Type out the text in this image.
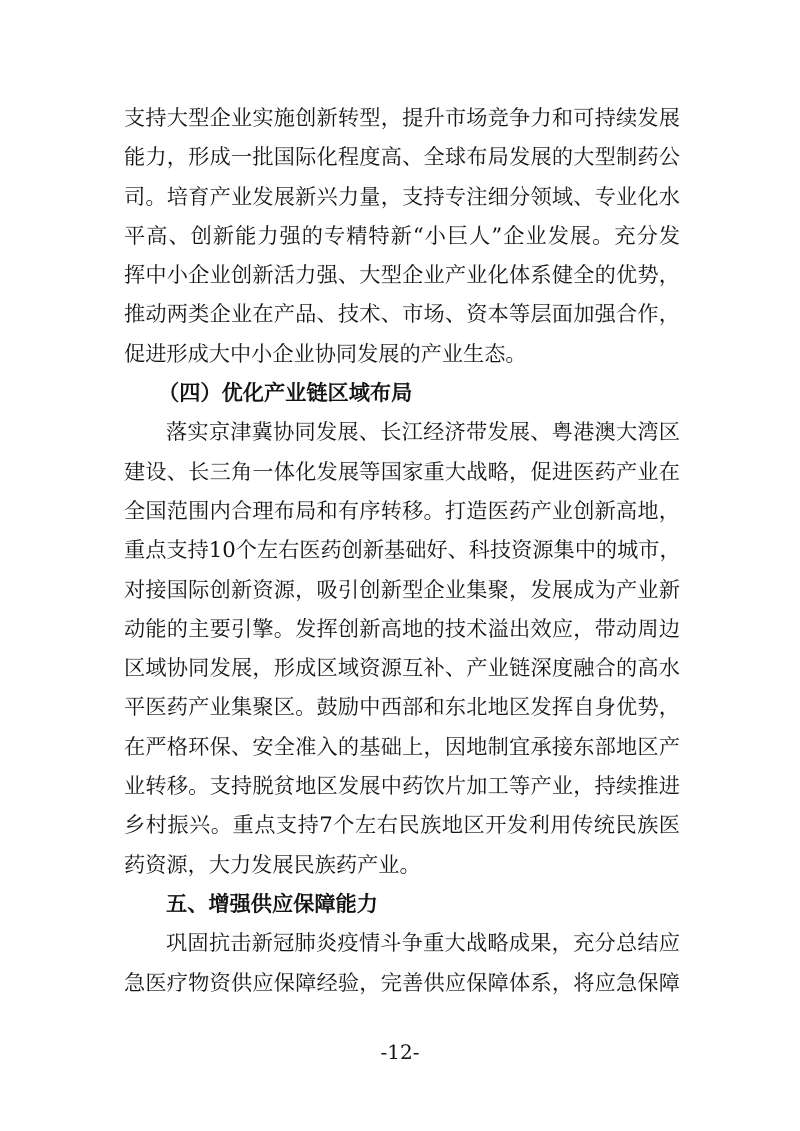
支持大型企业实施创新转型，提升市场竞争力和可持续发展
能力，形成一批国际化程度高、全球布局发展的大型制药公
司。培育产业发展新兴力量，支持专注细分领域、专业化水
平高、创新能力强的专精特新“小巨人”企业发展。充分发
挥中小企业创新活力强、大型企业产业化体系健全的优势，
推动两类企业在产品、技术、市场、资本等层面加强合作，
促进形成大中小企业协同发展的产业生态。
（四）优化产业链区域布局
落实京津冀协同发展、长江经济带发展、粤港澳大湾区
建设、长三角一体化发展等国家重大战略，促进医药产业在
全国范围内合理布局和有序转移。打造医药产业创新高地，
重点支持10个左右医药创新基础好、科技资源集中的城市，
对接国际创新资源，吸引创新型企业集聚，发展成为产业新
动能的主要引擎。发挥创新高地的技术溢出效应，带动周边
区域协同发展，形成区域资源互补、产业链深度融合的高水
平医药产业集聚区。鼓励中西部和东北地区发挥自身优势，
在严格环保、安全准入的基础上，因地制宜承接东部地区产
业转移。支持脱贫地区发展中药饮片加工等产业，持续推进
乡村振兴。重点支持7个左右民族地区开发利用传统民族医
药资源，大力发展民族药产业。
五、增强供应保障能力
巩固抗击新冠肺炎疫情斗争重大战略成果，充分总结应
急医疗物资供应保障经验，完善供应保障体系，将应急保障
-12-
